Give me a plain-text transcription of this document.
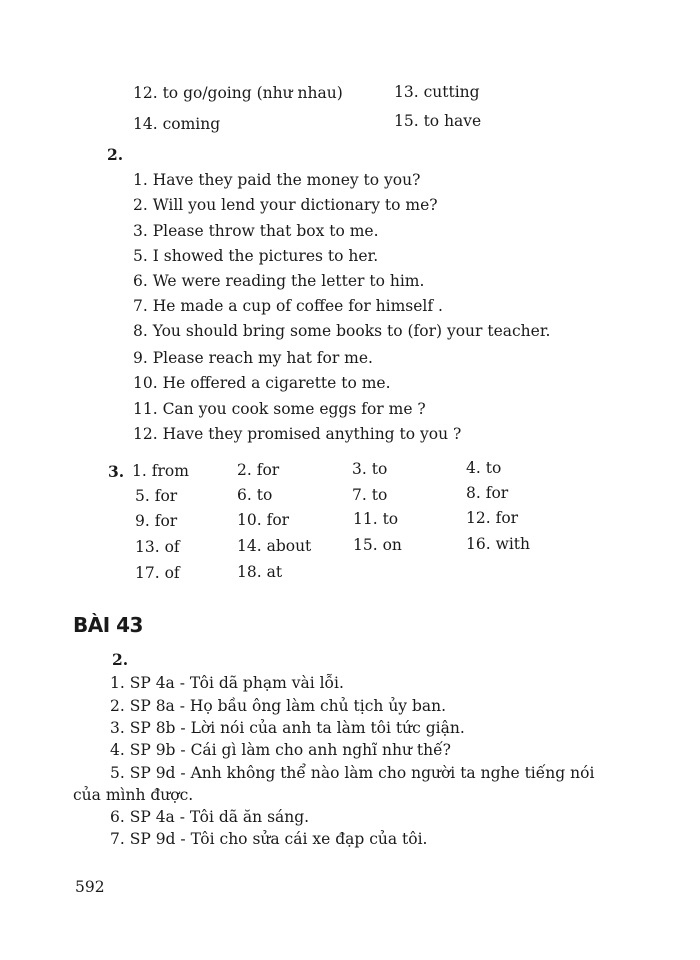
12. to go/going (như nhau)	13. cutting
14. coming	15. to have
2.
1. Have they paid the money to you?
2. Will you lend your dictionary to me?
3. Please throw that box to me.
5. I showed the pictures to her.
6. We were reading the letter to him.
7. He made a cup of coffee for himself .
8. You should bring some books to (for) your teacher.
9. Please reach my hat for me.
10. He offered a cigarette to me.
11. Can you cook some eggs for me ?
12. Have they promised anything to you ?
3. 1. from	2. for	3. to	4. to
5. for	6. to	7. to	8. for
9. for	10. for	11. to	12. for
13. of	14. about	15. on	16. with
17. of	18. at
BÀI 43
2.
1. SP 4a - Tôi dã phạm vài lỗi.
2. SP 8a - Họ bầu ông làm chủ tịch ủy ban.
3. SP 8b - Lời nói của anh ta làm tôi tức giận.
4. SP 9b - Cái gì làm cho anh nghĩ như thế?
5. SP 9d - Anh không thể nào làm cho người ta nghe tiếng nói
của mình được.
6. SP 4a - Tôi dã ăn sáng.
7. SP 9d - Tôi cho sửa cái xe đạp của tôi.
592
